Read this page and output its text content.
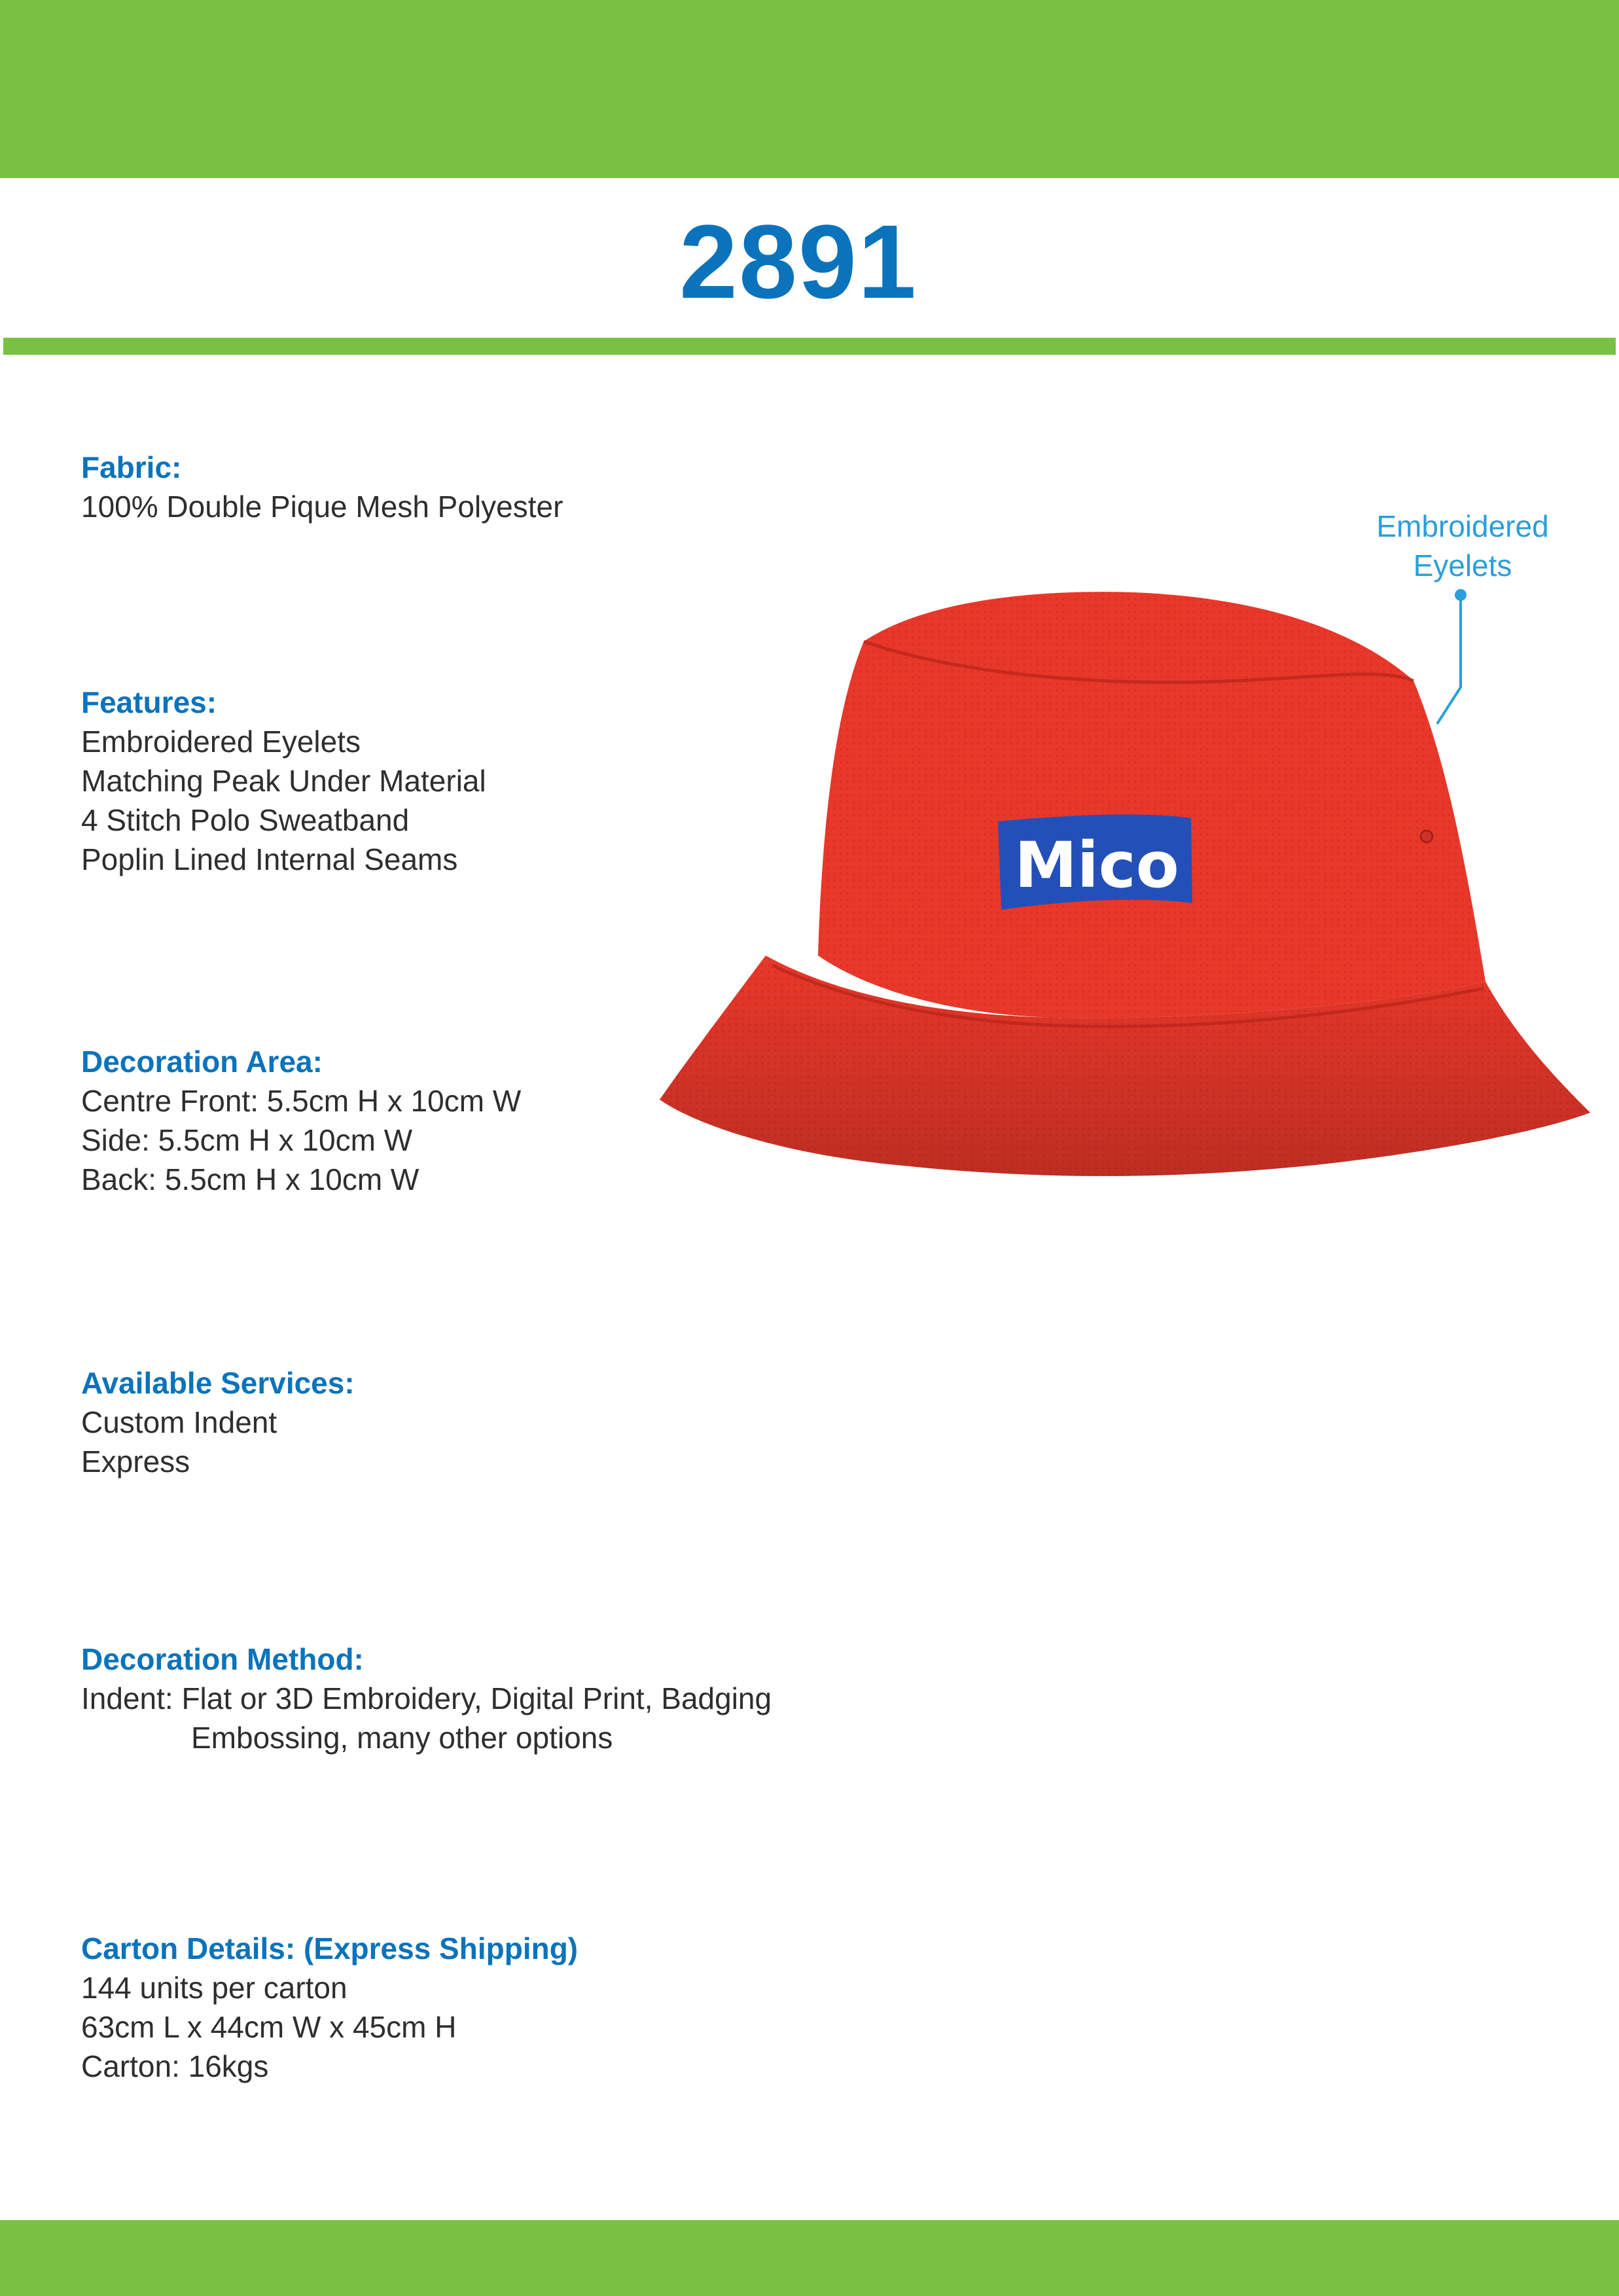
2891
Fabric:
100% Double Pique Mesh Polyester
Features:
Embroidered Eyelets
Matching Peak Under Material
4 Stitch Polo Sweatband
Poplin Lined Internal Seams
Decoration Area:
Centre Front: 5.5cm H x 10cm W
Side: 5.5cm H x 10cm W
Back: 5.5cm H x 10cm W
Available Services:
Custom Indent
Express
Decoration Method:
Indent: Flat or 3D Embroidery, Digital Print, Badging
Embossing, many other options
Carton Details: (Express Shipping)
144 units per carton
63cm L x 44cm W x 45cm H
Carton: 16kgs
Embroidered
Eyelets
Mico
